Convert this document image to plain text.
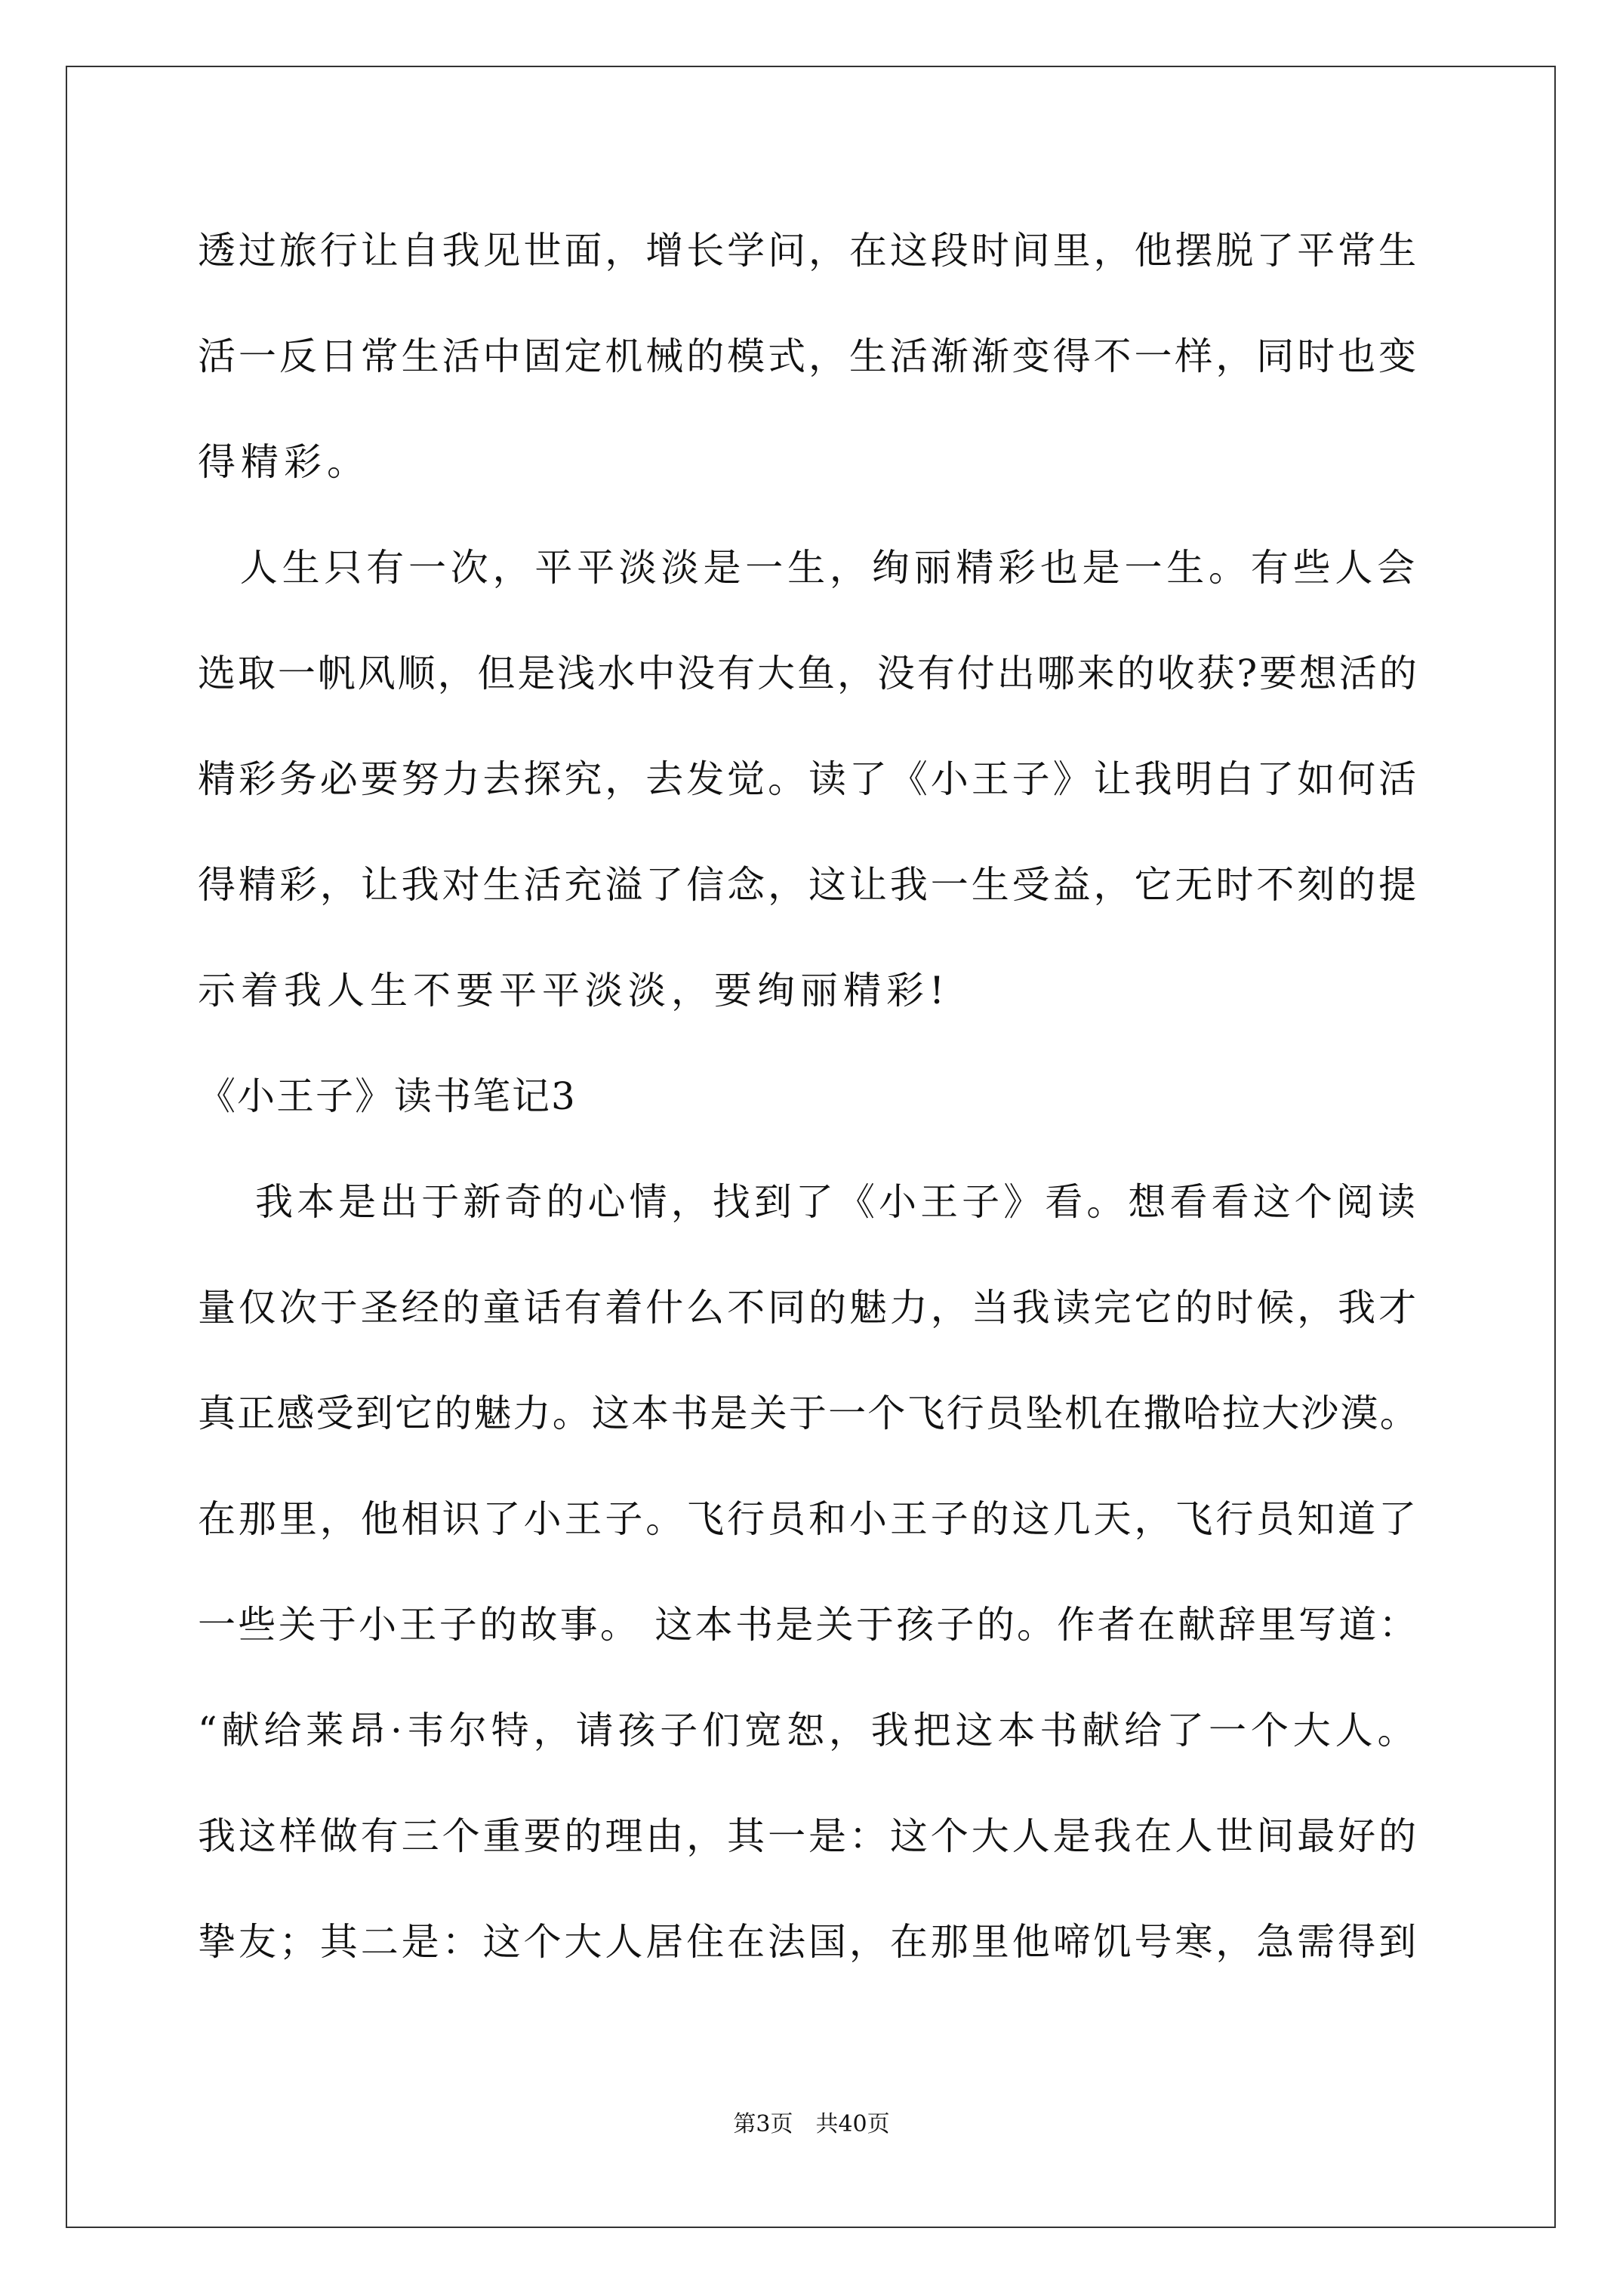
透过旅行让自我见世面，增长学问，在这段时间里，他摆脱了平常生
活一反日常生活中固定机械的模式，生活渐渐变得不一样，同时也变
得精彩。
　人生只有一次，平平淡淡是一生，绚丽精彩也是一生。有些人会
选取一帆风顺，但是浅水中没有大鱼，没有付出哪来的收获?要想活的
精彩务必要努力去探究，去发觉。读了《小王子》让我明白了如何活
得精彩，让我对生活充溢了信念，这让我一生受益，它无时不刻的提
示着我人生不要平平淡淡，要绚丽精彩!
《小王子》读书笔记3
　 我本是出于新奇的心情，找到了《小王子》看。想看看这个阅读
量仅次于圣经的童话有着什么不同的魅力，当我读完它的时候，我才
真正感受到它的魅力。这本书是关于一个飞行员坠机在撒哈拉大沙漠。
在那里，他相识了小王子。飞行员和小王子的这几天，飞行员知道了
一些关于小王子的故事。 这本书是关于孩子的。作者在献辞里写道：
“献给莱昂·韦尔特，请孩子们宽恕，我把这本书献给了一个大人。
我这样做有三个重要的理由，其一是：这个大人是我在人世间最好的
挚友；其二是：这个大人居住在法国，在那里他啼饥号寒，急需得到
第3页　共40页
